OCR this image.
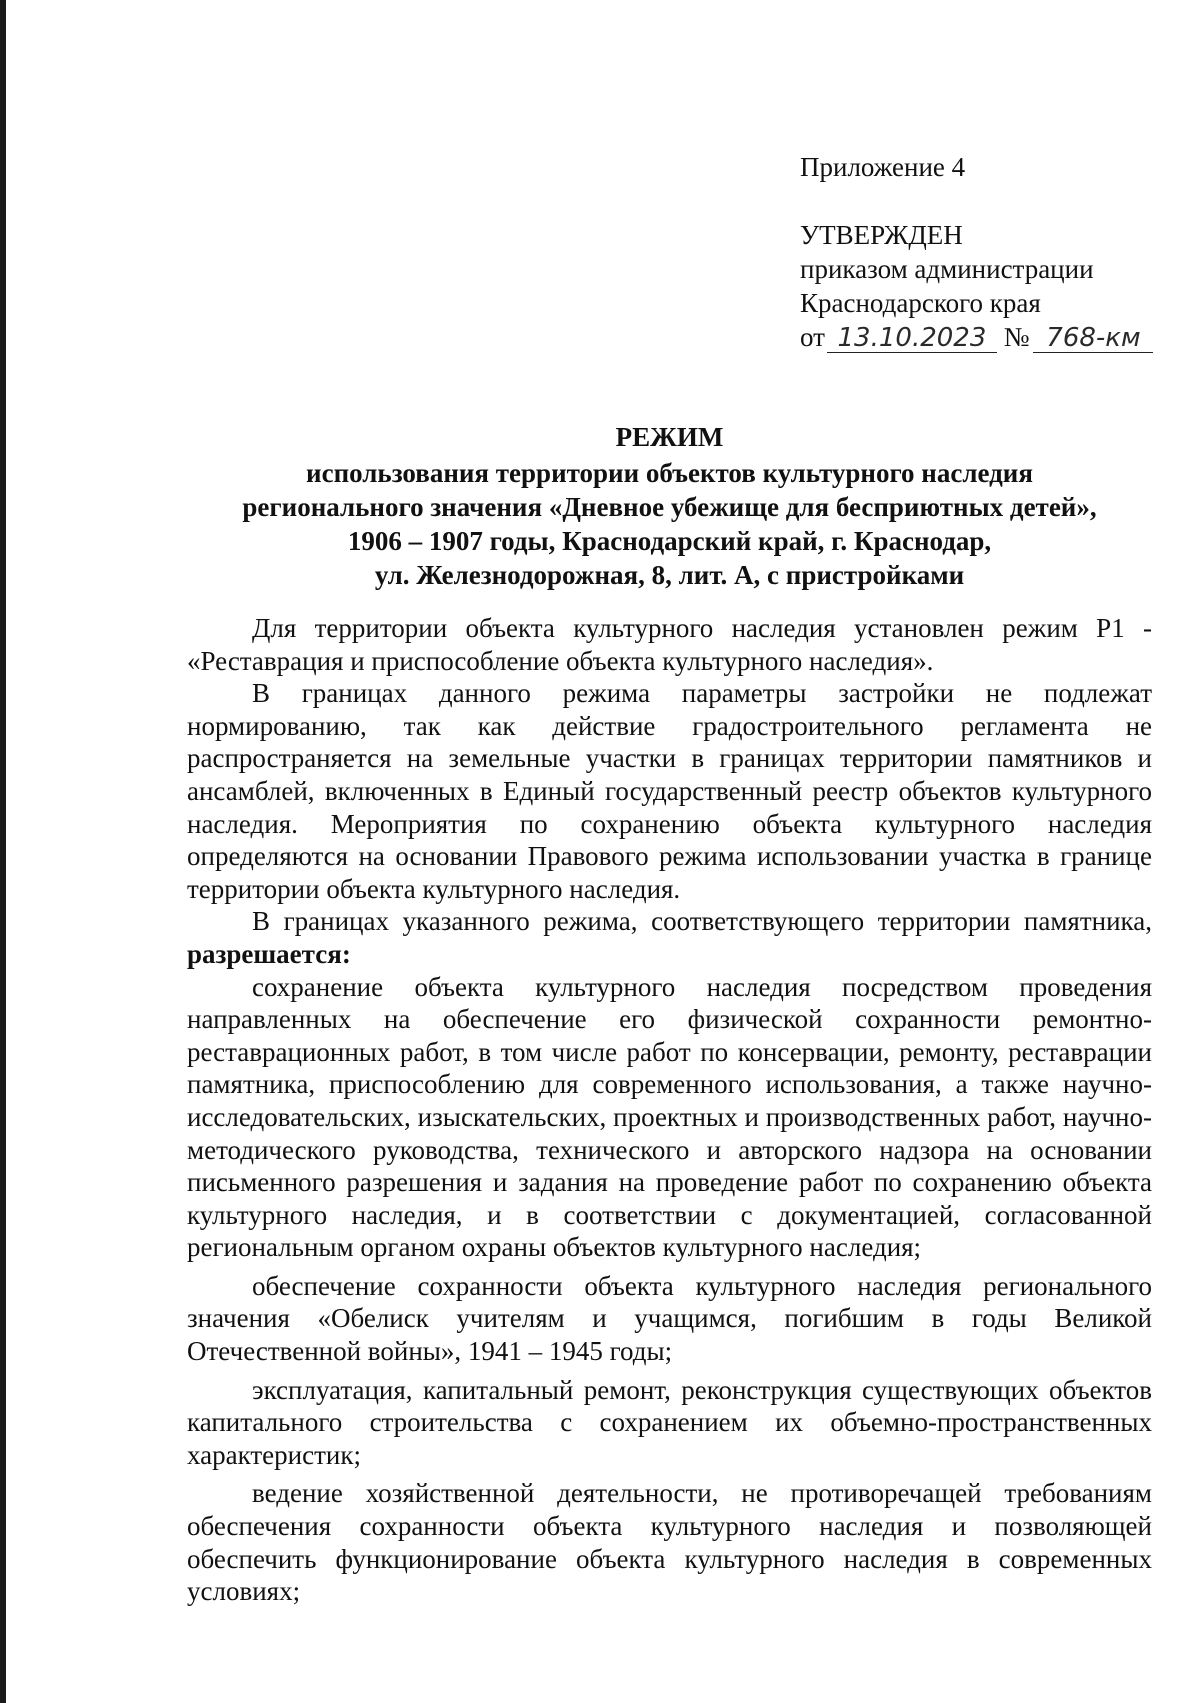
Приложение 4
УТВЕРЖДЕН
приказом администрации
Краснодарского края
от 13.10.2023 № 768-км
РЕЖИМ
использования территории объектов культурного наследия
регионального значения «Дневное убежище для бесприютных детей»,
1906 – 1907 годы, Краснодарский край, г. Краснодар,
ул. Железнодорожная, 8, лит. А, с пристройками

Для территории объекта культурного наследия установлен режим Р1 - «Реставрация и приспособление объекта культурного наследия».

В границах данного режима параметры застройки не подлежат нормированию, так как действие градостроительного регламента не распространяется на земельные участки в границах территории памятников и ансамблей, включенных в Единый государственный реестр объектов культурного наследия. Мероприятия по сохранению объекта культурного наследия определяются на основании Правового режима использовании участка в границе территории объекта культурного наследия.

В границах указанного режима, соответствующего территории памятника, разрешается:

сохранение объекта культурного наследия посредством проведения направленных на обеспечение его физической сохранности ремонтно-реставрационных работ, в том числе работ по консервации, ремонту, реставрации памятника, приспособлению для современного использования, а также научно-исследовательских, изыскательских, проектных и производственных работ, научно-методического руководства, технического и авторского надзора на основании письменного разрешения и задания на проведение работ по сохранению объекта культурного наследия, и в соответствии с документацией, согласованной региональным органом охраны объектов культурного наследия;

обеспечение сохранности объекта культурного наследия регионального значения «Обелиск учителям и учащимся, погибшим в годы Великой Отечественной войны», 1941 – 1945 годы;

эксплуатация, капитальный ремонт, реконструкция существующих объектов капитального строительства с сохранением их объемно-пространственных характеристик;

ведение хозяйственной деятельности, не противоречащей требованиям обеспечения сохранности объекта культурного наследия и позволяющей обеспечить функционирование объекта культурного наследия в современных условиях;
